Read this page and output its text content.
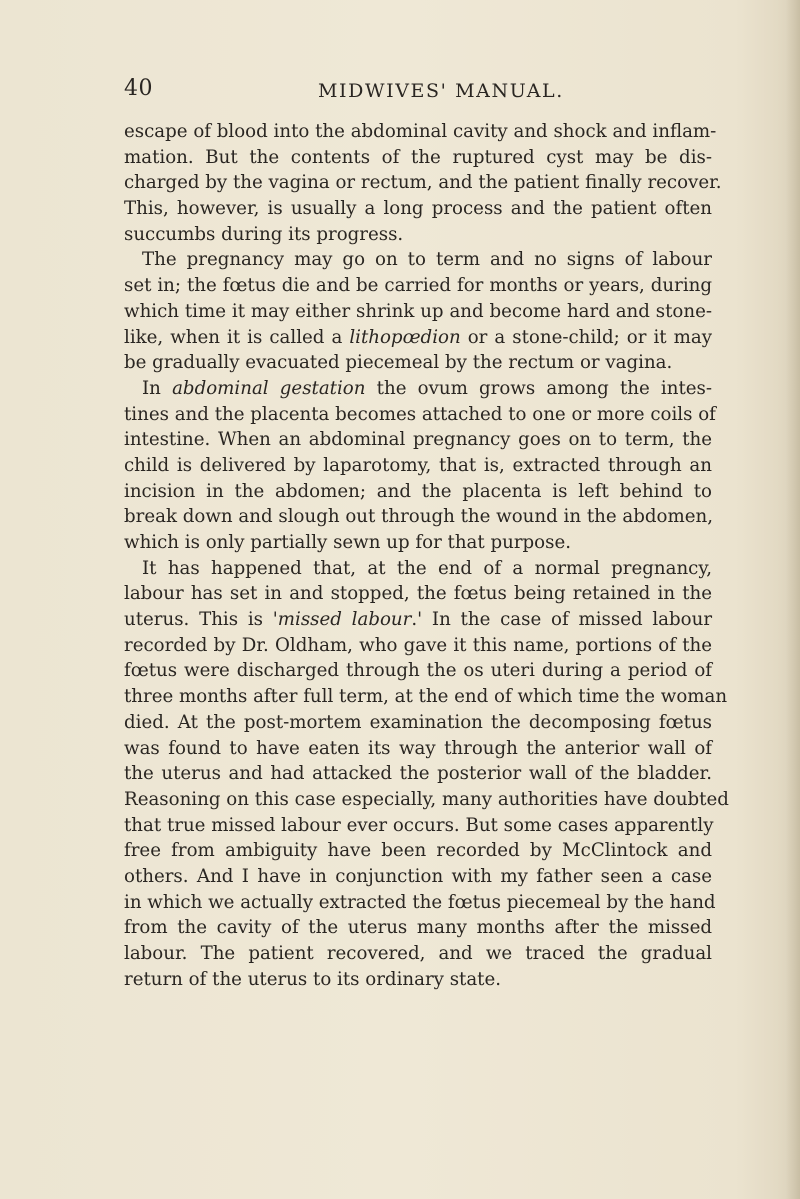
40	MIDWIVES' MANUAL.
escape of blood into the abdominal cavity and shock and inflam-
mation. But the contents of the ruptured cyst may be dis-
charged by the vagina or rectum, and the patient finally recover.
This, however, is usually a long process and the patient often
succumbs during its progress.
The pregnancy may go on to term and no signs of labour
set in; the fœtus die and be carried for months or years, during
which time it may either shrink up and become hard and stone-
like, when it is called a lithopœdion or a stone-child; or it may
be gradually evacuated piecemeal by the rectum or vagina.
In abdominal gestation the ovum grows among the intes-
tines and the placenta becomes attached to one or more coils of
intestine. When an abdominal pregnancy goes on to term, the
child is delivered by laparotomy, that is, extracted through an
incision in the abdomen; and the placenta is left behind to
break down and slough out through the wound in the abdomen,
which is only partially sewn up for that purpose.
It has happened that, at the end of a normal pregnancy,
labour has set in and stopped, the fœtus being retained in the
uterus. This is 'missed labour.' In the case of missed labour
recorded by Dr. Oldham, who gave it this name, portions of the
fœtus were discharged through the os uteri during a period of
three months after full term, at the end of which time the woman
died. At the post-mortem examination the decomposing fœtus
was found to have eaten its way through the anterior wall of
the uterus and had attacked the posterior wall of the bladder.
Reasoning on this case especially, many authorities have doubted
that true missed labour ever occurs. But some cases apparently
free from ambiguity have been recorded by McClintock and
others. And I have in conjunction with my father seen a case
in which we actually extracted the fœtus piecemeal by the hand
from the cavity of the uterus many months after the missed
labour. The patient recovered, and we traced the gradual
return of the uterus to its ordinary state.
